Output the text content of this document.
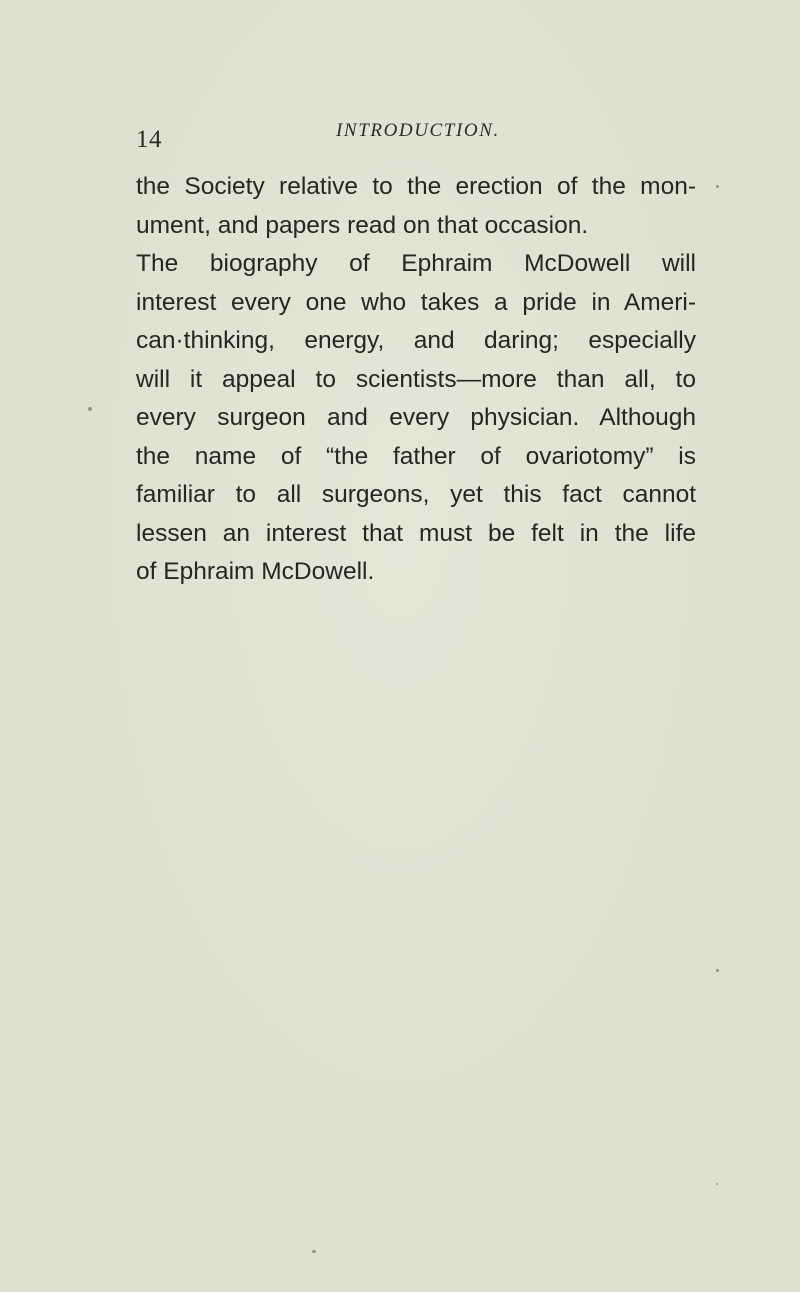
14	INTRODUCTION.
the Society relative to the erection of the mon-
ument, and papers read on that occasion.
The biography of Ephraim McDowell will
interest every one who takes a pride in Ameri-
can·thinking, energy, and daring; especially
will it appeal to scientists—more than all, to
every surgeon and every physician. Although
the name of “the father of ovariotomy” is
familiar to all surgeons, yet this fact cannot
lessen an interest that must be felt in the life
of Ephraim McDowell.
